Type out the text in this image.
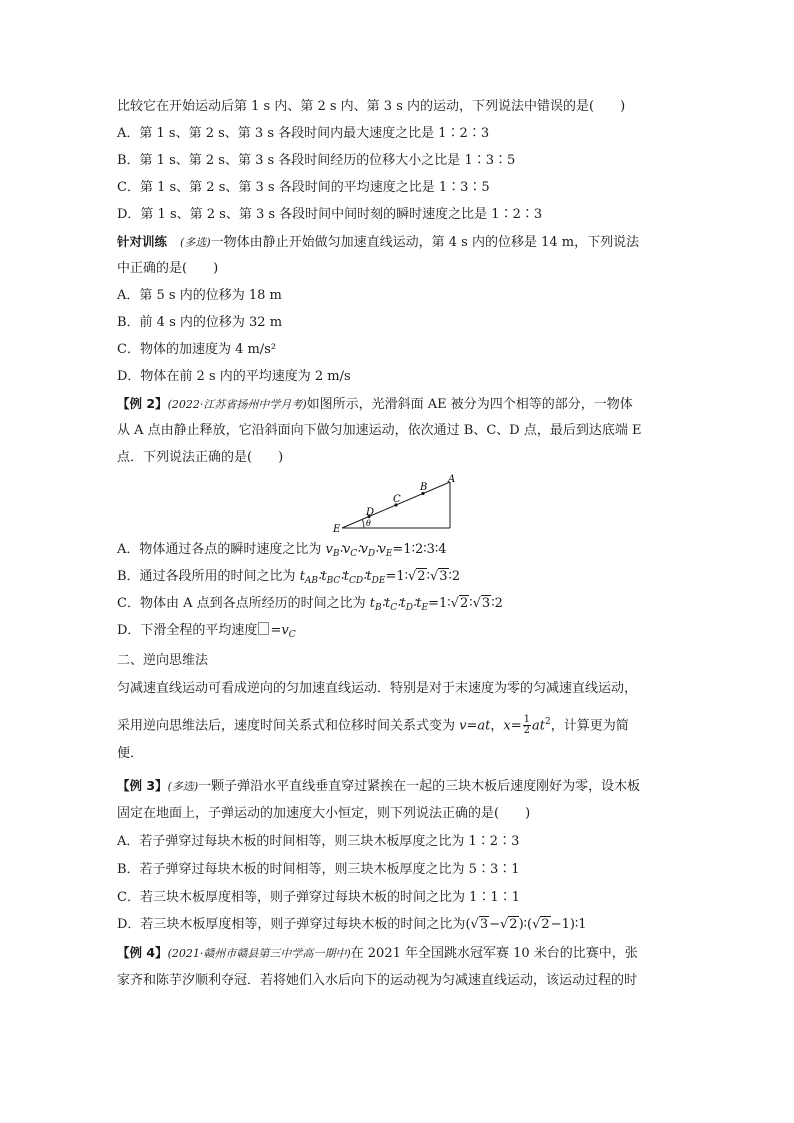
比较它在开始运动后第 1 s 内、第 2 s 内、第 3 s 内的运动，下列说法中错误的是(　　)
A．第 1 s、第 2 s、第 3 s 各段时间内最大速度之比是 1∶2∶3
B．第 1 s、第 2 s、第 3 s 各段时间经历的位移大小之比是 1∶3∶5
C．第 1 s、第 2 s、第 3 s 各段时间的平均速度之比是 1∶3∶5
D．第 1 s、第 2 s、第 3 s 各段时间中间时刻的瞬时速度之比是 1∶2∶3
针对训练　 (多选)一物体由静止开始做匀加速直线运动，第 4 s 内的位移是 14 m，下列说法
中正确的是(　　)
A．第 5 s 内的位移为 18 m
B．前 4 s 内的位移为 32 m
C．物体的加速度为 4 m/s²
D．物体在前 2 s 内的平均速度为 2 m/s
【例 2】(2022·江苏省扬州中学月考)如图所示，光滑斜面 AE 被分为四个相等的部分，一物体
从 A 点由静止释放，它沿斜面向下做匀加速运动，依次通过 B、C、D 点，最后到达底端 E
点．下列说法正确的是(　　)
A
B
C
D
E
θ
A．物体通过各点的瞬时速度之比为 $v_B∶v_C∶v_D∶v_E=1∶2∶3∶4$
B．通过各段所用的时间之比为 $t_{AB}∶t_{BC}∶t_{CD}∶t_{DE}=1∶√2∶√3∶2$
C．物体由 A 点到各点所经历的时间之比为 $t_B∶t_C∶t_D∶t_E=1∶√2∶√3∶2$
D．下滑全程的平均速度 $=v_C$
二、逆向思维法
匀减速直线运动可看成逆向的匀加速直线运动．特别是对于末速度为零的匀减速直线运动，
采用逆向思维法后，速度时间关系式和位移时间关系式变为 v=at，$x= \frac{1}{2} at^2$，计算更为简
便．
【例 3】(多选)一颗子弹沿水平直线垂直穿过紧挨在一起的三块木板后速度刚好为零，设木板
固定在地面上，子弹运动的加速度大小恒定，则下列说法正确的是(　　)
A．若子弹穿过每块木板的时间相等，则三块木板厚度之比为 1∶2∶3
B．若子弹穿过每块木板的时间相等，则三块木板厚度之比为 5∶3∶1
C．若三块木板厚度相等，则子弹穿过每块木板的时间之比为 1∶1∶1
D．若三块木板厚度相等，则子弹穿过每块木板的时间之比为(√3−√2)∶(√2−1)∶1
【例 4】(2021·赣州市赣县第三中学高一期中)在 2021 年全国跳水冠军赛 10 米台的比赛中，张
家齐和陈芋汐顺利夺冠．若将她们入水后向下的运动视为匀减速直线运动，该运动过程的时
